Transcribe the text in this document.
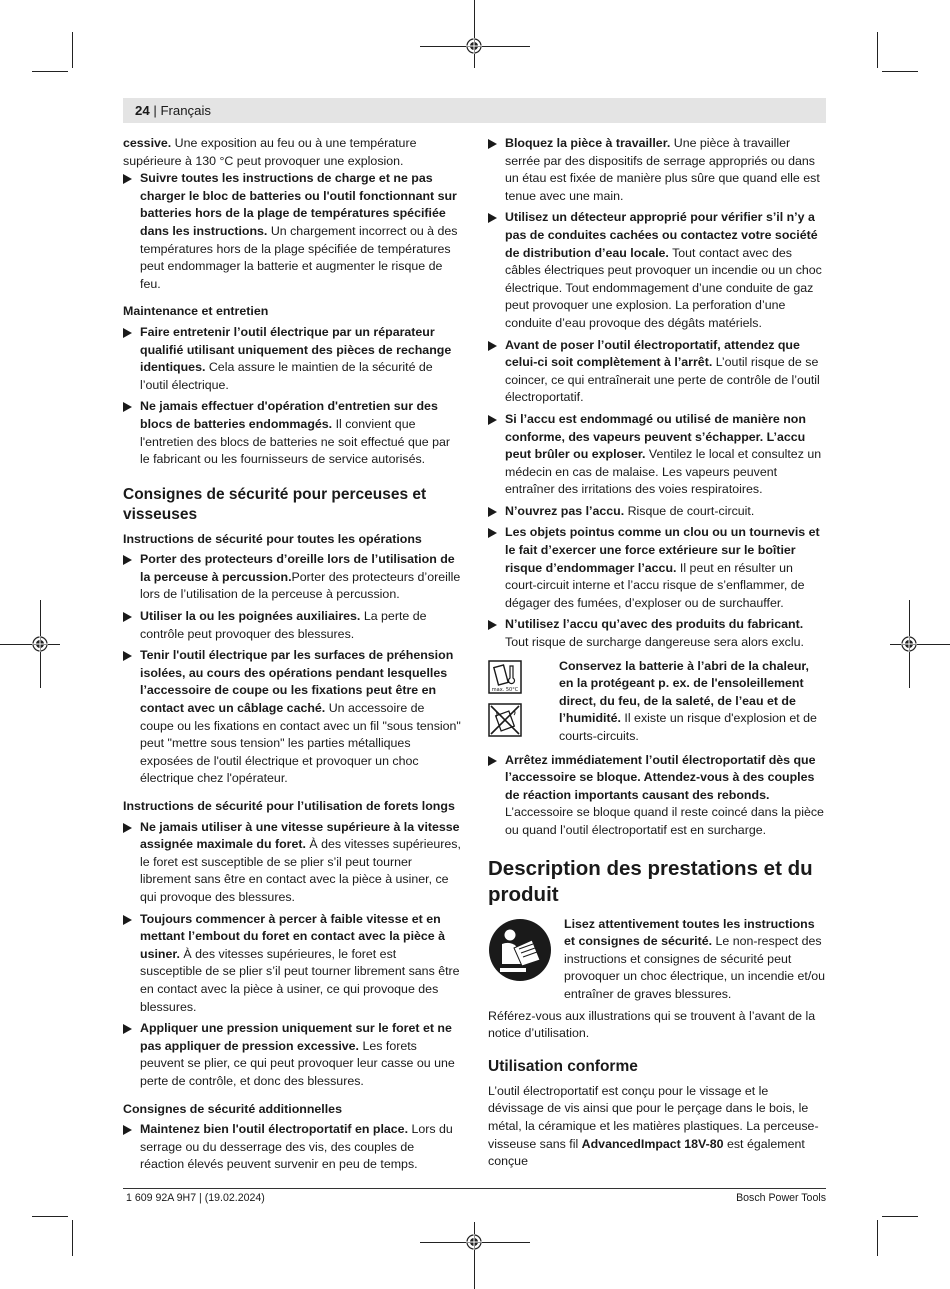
24 | Français

cessive. Une exposition au feu ou à une température supérieure à 130 °C peut provoquer une explosion.

Suivre toutes les instructions de charge et ne pas charger le bloc de batteries ou l'outil fonctionnant sur batteries hors de la plage de températures spécifiée dans les instructions. Un chargement incorrect ou à des températures hors de la plage spécifiée de températures peut endommager la batterie et augmenter le risque de feu.
Maintenance et entretien
Faire entretenir l’outil électrique par un réparateur qualifié utilisant uniquement des pièces de rechange identiques. Cela assure le maintien de la sécurité de l’outil électrique.
Ne jamais effectuer d'opération d'entretien sur des blocs de batteries endommagés. Il convient que l'entretien des blocs de batteries ne soit effectué que par le fabricant ou les fournisseurs de service autorisés.
Consignes de sécurité pour perceuses et visseuses
Instructions de sécurité pour toutes les opérations
Porter des protecteurs d’oreille lors de l’utilisation de la perceuse à percussion.Porter des protecteurs d’oreille lors de l’utilisation de la perceuse à percussion.
Utiliser la ou les poignées auxiliaires. La perte de contrôle peut provoquer des blessures.
Tenir l'outil électrique par les surfaces de préhension isolées, au cours des opérations pendant lesquelles l’accessoire de coupe ou les fixations peut être en contact avec un câblage caché. Un accessoire de coupe ou les fixations en contact avec un fil "sous tension" peut "mettre sous tension" les parties métalliques exposées de l'outil électrique et provoquer un choc électrique chez l'opérateur.
Instructions de sécurité pour l’utilisation de forets longs
Ne jamais utiliser à une vitesse supérieure à la vitesse assignée maximale du foret. À des vitesses supérieures, le foret est susceptible de se plier s’il peut tourner librement sans être en contact avec la pièce à usiner, ce qui provoque des blessures.
Toujours commencer à percer à faible vitesse et en mettant l’embout du foret en contact avec la pièce à usiner. À des vitesses supérieures, le foret est susceptible de se plier s’il peut tourner librement sans être en contact avec la pièce à usiner, ce qui provoque des blessures.
Appliquer une pression uniquement sur le foret et ne pas appliquer de pression excessive. Les forets peuvent se plier, ce qui peut provoquer leur casse ou une perte de contrôle, et donc des blessures.
Consignes de sécurité additionnelles
Maintenez bien l'outil électroportatif en place. Lors du serrage ou du desserrage des vis, des couples de réaction élevés peuvent survenir en peu de temps.
Bloquez la pièce à travailler. Une pièce à travailler serrée par des dispositifs de serrage appropriés ou dans un étau est fixée de manière plus sûre que quand elle est tenue avec une main.
Utilisez un détecteur approprié pour vérifier s’il n’y a pas de conduites cachées ou contactez votre société de distribution d’eau locale. Tout contact avec des câbles électriques peut provoquer un incendie ou un choc électrique. Tout endommagement d’une conduite de gaz peut provoquer une explosion. La perforation d’une conduite d’eau provoque des dégâts matériels.
Avant de poser l’outil électroportatif, attendez que celui-ci soit complètement à l’arrêt. L’outil risque de se coincer, ce qui entraînerait une perte de contrôle de l’outil électroportatif.
Si l’accu est endommagé ou utilisé de manière non conforme, des vapeurs peuvent s’échapper. L’accu peut brûler ou exploser. Ventilez le local et consultez un médecin en cas de malaise. Les vapeurs peuvent entraîner des irritations des voies respiratoires.
N’ouvrez pas l’accu. Risque de court-circuit.
Les objets pointus comme un clou ou un tournevis et le fait d’exercer une force extérieure sur le boîtier risque d’endommager l’accu. Il peut en résulter un court-circuit interne et l’accu risque de s’enflammer, de dégager des fumées, d’exploser ou de surchauffer.
N’utilisez l’accu qu’avec des produits du fabricant. Tout risque de surcharge dangereuse sera alors exclu.
max. 50°C

Conservez la batterie à l’abri de la chaleur, en la protégeant p. ex. de l'ensoleillement direct, du feu, de la saleté, de l’eau et de l’humidité. Il existe un risque d'explosion et de courts-circuits.
Arrêtez immédiatement l’outil électroportatif dès que l’accessoire se bloque. Attendez-vous à des couples de réaction importants causant des rebonds. L’accessoire se bloque quand il reste coincé dans la pièce ou quand l’outil électroportatif est en surcharge.
Description des prestations et du produit
Lisez attentivement toutes les instructions et consignes de sécurité. Le non-respect des instructions et consignes de sécurité peut provoquer un choc électrique, un incendie et/ou entraîner de graves blessures.

Référez-vous aux illustrations qui se trouvent à l’avant de la notice d’utilisation.

Utilisation conforme

L’outil électroportatif est conçu pour le vissage et le dévissage de vis ainsi que pour le perçage dans le bois, le métal, la céramique et les matières plastiques. La perceuse-visseuse sans fil AdvancedImpact 18V-80 est également conçue

1 609 92A 9H7 | (19.02.2024)	Bosch Power Tools
